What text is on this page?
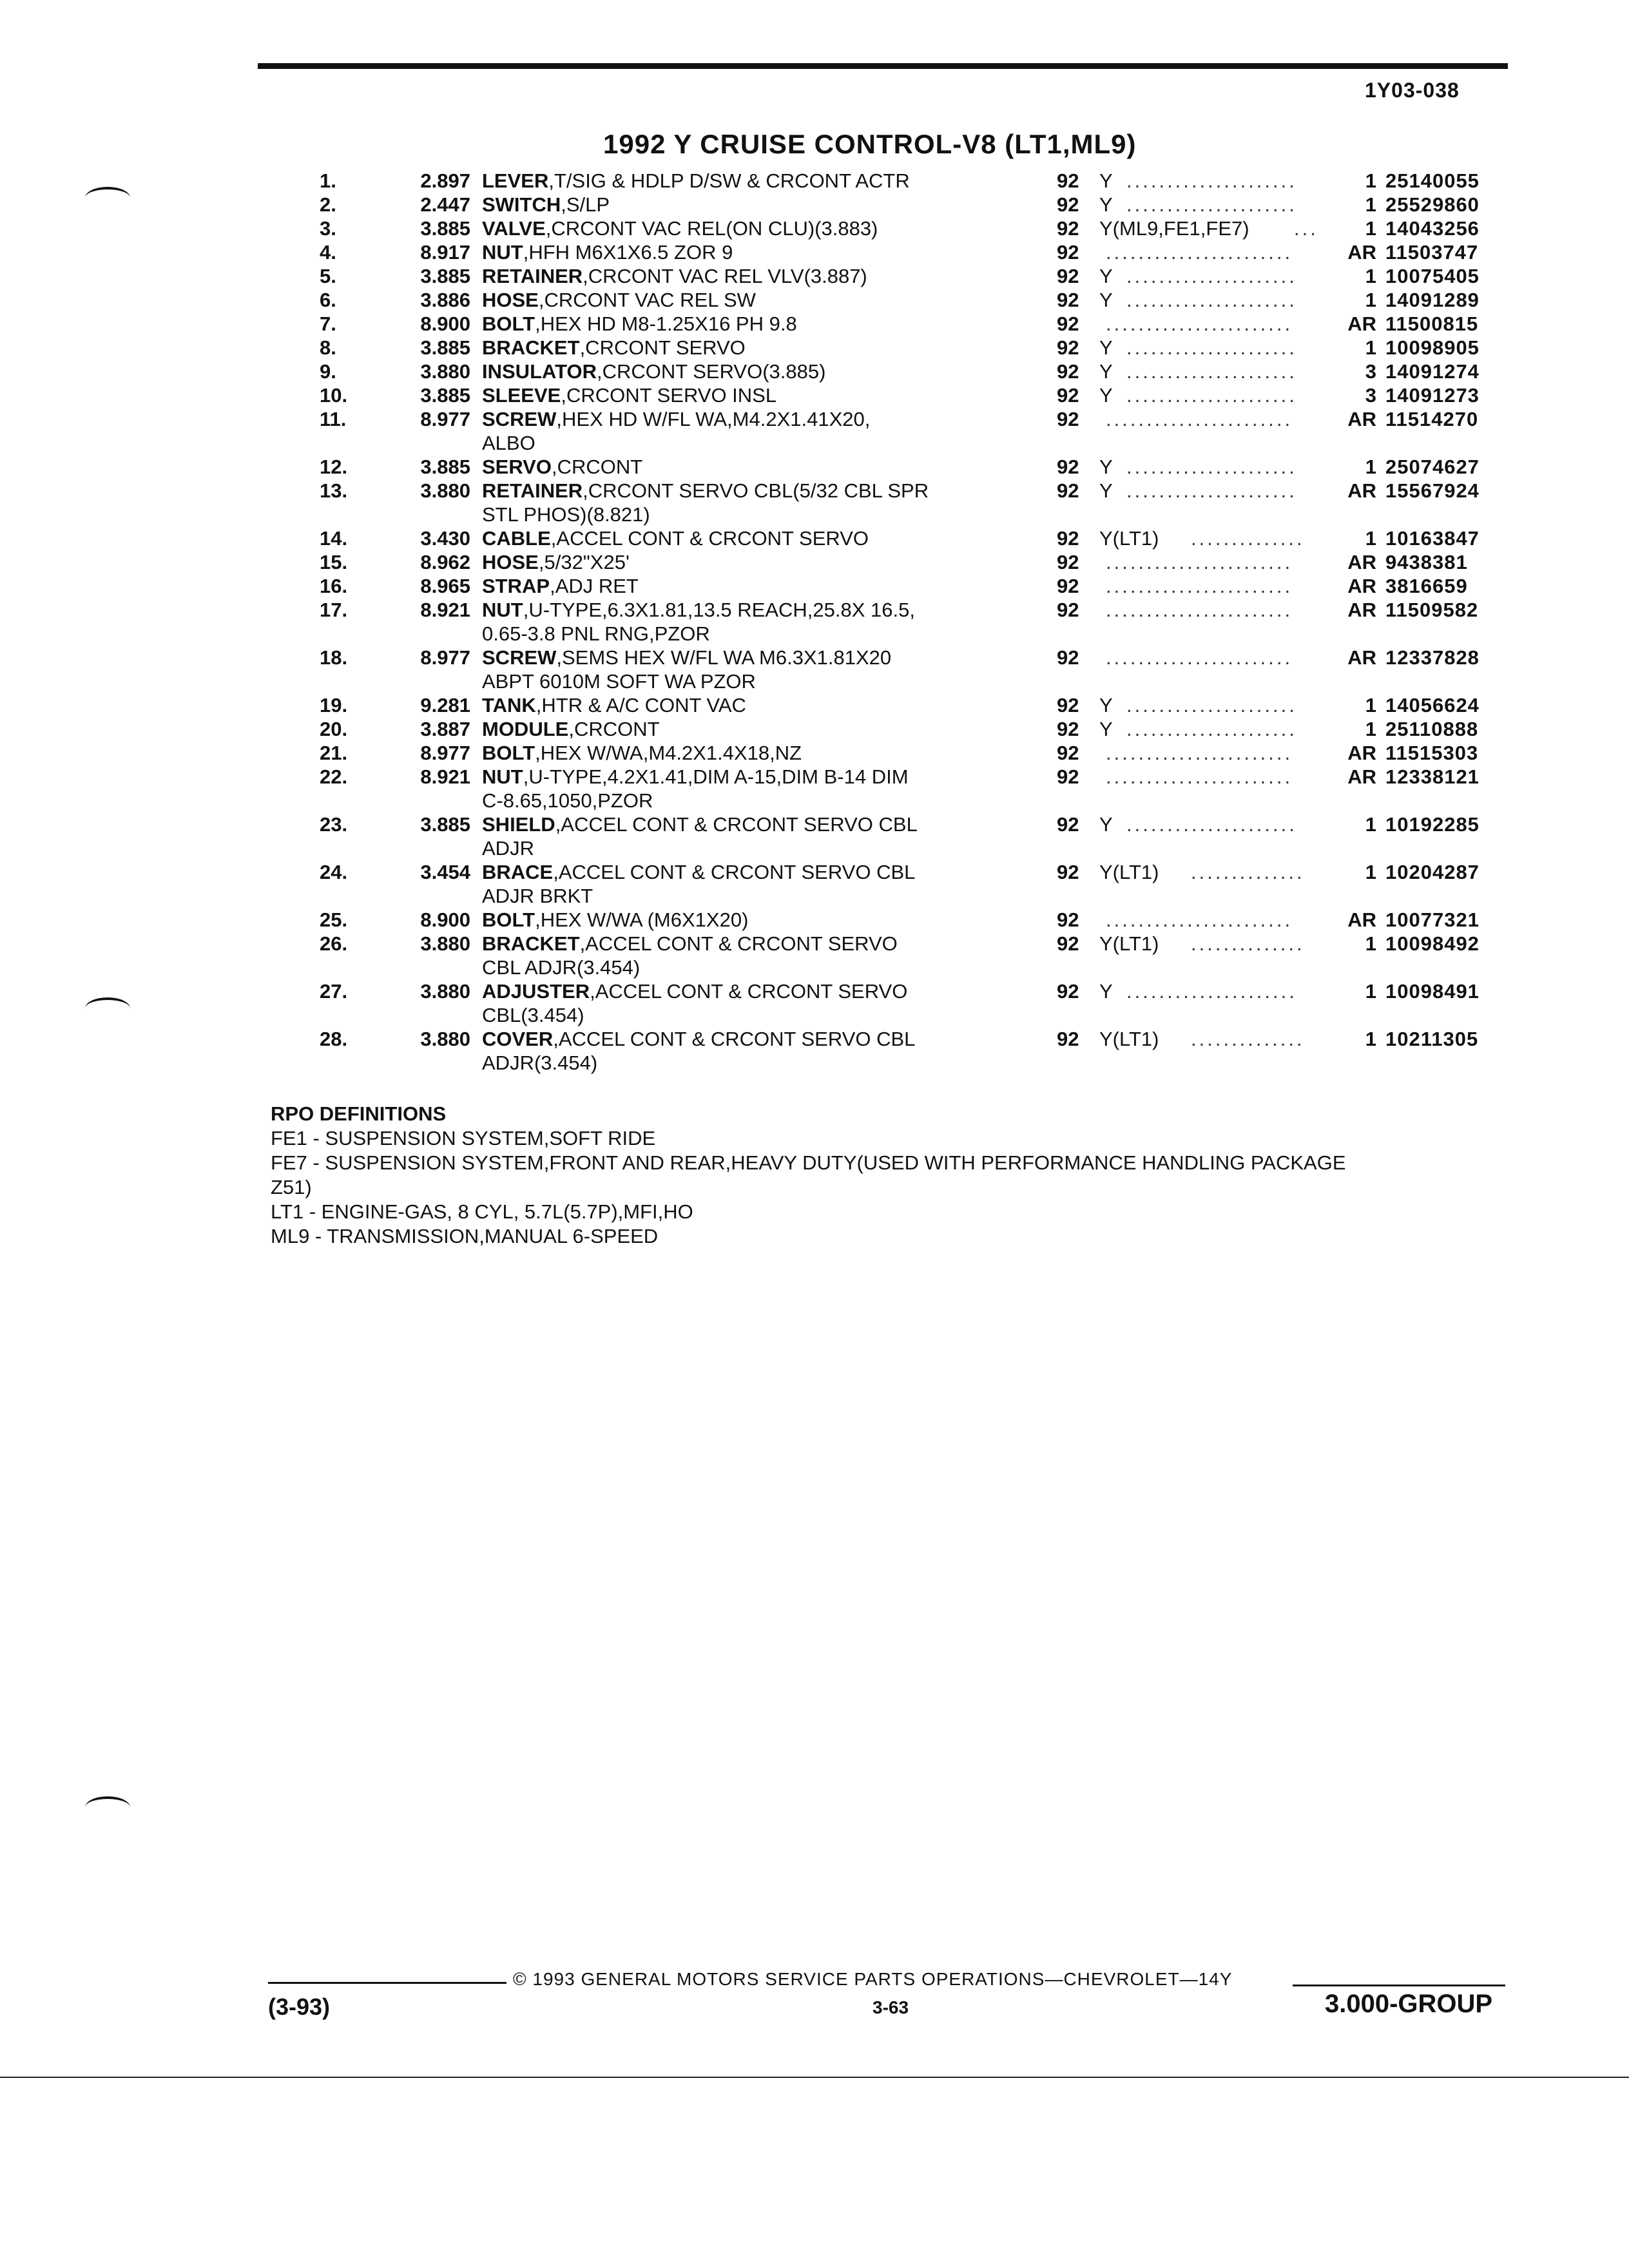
1Y03-038
1992 Y CRUISE CONTROL-V8 (LT1,ML9)
1.	2.897 LEVER,T/SIG & HDLP D/SW & CRCONT ACTR	92 Y .....................	1 25140055
2.	2.447 SWITCH,S/LP	92 Y .....................	1 25529860
3.	3.885 VALVE,CRCONT VAC REL(ON CLU)(3.883)	92 Y(ML9,FE1,FE7) ...	1 14043256
4.	8.917 NUT,HFH M6X1X6.5 ZOR 9	92 .......................	AR 11503747
5.	3.885 RETAINER,CRCONT VAC REL VLV(3.887)	92 Y .....................	1 10075405
6.	3.886 HOSE,CRCONT VAC REL SW	92 Y .....................	1 14091289
7.	8.900 BOLT,HEX HD M8-1.25X16 PH 9.8	92 .......................	AR 11500815
8.	3.885 BRACKET,CRCONT SERVO	92 Y .....................	1 10098905
9.	3.880 INSULATOR,CRCONT SERVO(3.885)	92 Y .....................	3 14091274
10.	3.885 SLEEVE,CRCONT SERVO INSL	92 Y .....................	3 14091273
11.	8.977 SCREW,HEX HD W/FL WA,M4.2X1.41X20,	92 .......................	AR 11514270
ALBO
12.	3.885 SERVO,CRCONT	92 Y .....................	1 25074627
13.	3.880 RETAINER,CRCONT SERVO CBL(5/32 CBL SPR	92 Y .....................	AR 15567924
STL PHOS)(8.821)
14.	3.430 CABLE,ACCEL CONT & CRCONT SERVO	92 Y(LT1) ..............	1 10163847
15.	8.962 HOSE,5/32"X25'	92 .......................	AR 9438381
16.	8.965 STRAP,ADJ RET	92 .......................	AR 3816659
17.	8.921 NUT,U-TYPE,6.3X1.81,13.5 REACH,25.8X 16.5,	92 .......................	AR 11509582
0.65-3.8 PNL RNG,PZOR
18.	8.977 SCREW,SEMS HEX W/FL WA M6.3X1.81X20	92 .......................	AR 12337828
ABPT 6010M SOFT WA PZOR
19.	9.281 TANK,HTR & A/C CONT VAC	92 Y .....................	1 14056624
20.	3.887 MODULE,CRCONT	92 Y .....................	1 25110888
21.	8.977 BOLT,HEX W/WA,M4.2X1.4X18,NZ	92 .......................	AR 11515303
22.	8.921 NUT,U-TYPE,4.2X1.41,DIM A-15,DIM B-14 DIM	92 .......................	AR 12338121
C-8.65,1050,PZOR
23.	3.885 SHIELD,ACCEL CONT & CRCONT SERVO CBL	92 Y .....................	1 10192285
ADJR
24.	3.454 BRACE,ACCEL CONT & CRCONT SERVO CBL	92 Y(LT1) ..............	1 10204287
ADJR BRKT
25.	8.900 BOLT,HEX W/WA (M6X1X20)	92 .......................	AR 10077321
26.	3.880 BRACKET,ACCEL CONT & CRCONT SERVO	92 Y(LT1) ..............	1 10098492
CBL ADJR(3.454)
27.	3.880 ADJUSTER,ACCEL CONT & CRCONT SERVO	92 Y .....................	1 10098491
CBL(3.454)
28.	3.880 COVER,ACCEL CONT & CRCONT SERVO CBL	92 Y(LT1) ..............	1 10211305
ADJR(3.454)
RPO DEFINITIONS
FE1 - SUSPENSION SYSTEM,SOFT RIDE
FE7 - SUSPENSION SYSTEM,FRONT AND REAR,HEAVY DUTY(USED WITH PERFORMANCE HANDLING PACKAGE
Z51)
LT1 - ENGINE-GAS, 8 CYL, 5.7L(5.7P),MFI,HO
ML9 - TRANSMISSION,MANUAL 6-SPEED
© 1993 GENERAL MOTORS SERVICE PARTS OPERATIONS—CHEVROLET—14Y
(3-93)	3-63	3.000-GROUP
